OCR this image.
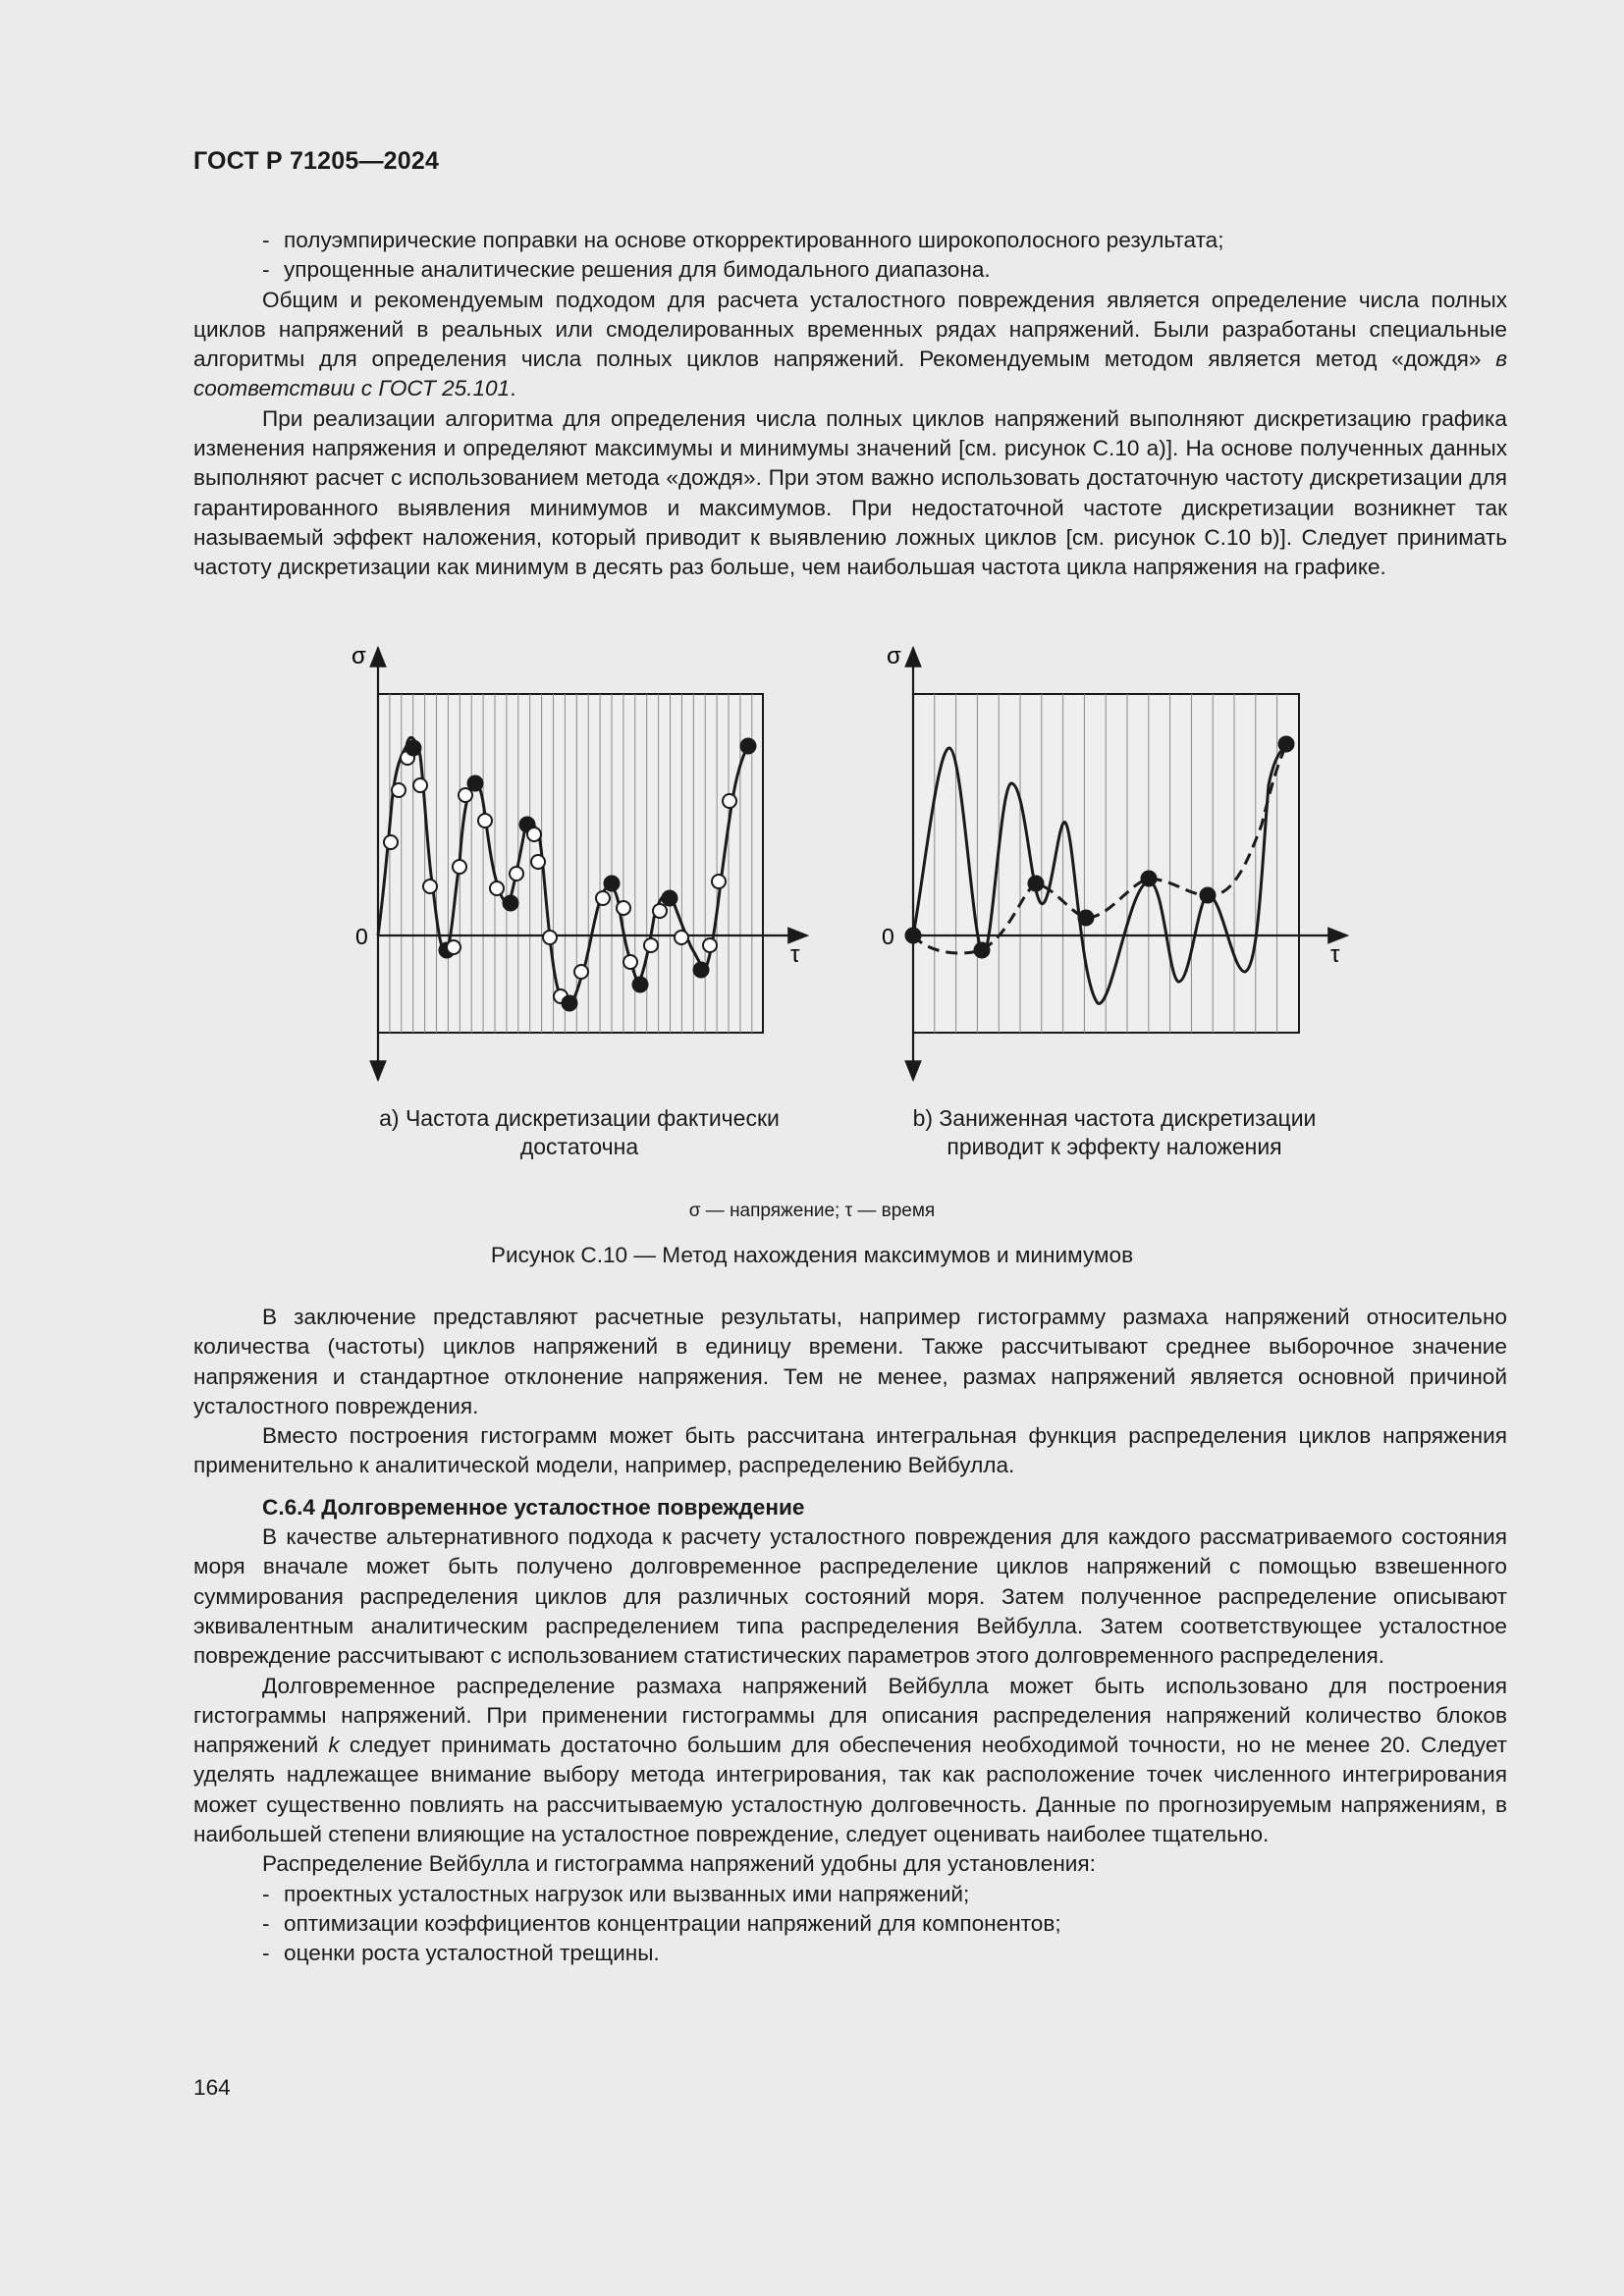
ГОСТ Р 71205—2024

- полуэмпирические поправки на основе откорректированного широкополосного результата;

- упрощенные аналитические решения для бимодального диапазона.

Общим и рекомендуемым подходом для расчета усталостного повреждения является определение числа полных циклов напряжений в реальных или смоделированных временных рядах напряжений. Были разработаны специальные алгоритмы для определения числа полных циклов напряжений. Рекомендуемым методом является метод «дождя» в соответствии с ГОСТ 25.101.

При реализации алгоритма для определения числа полных циклов напряжений выполняют дискретизацию графика изменения напряжения и определяют максимумы и минимумы значений [см. рисунок С.10 a)]. На основе полученных данных выполняют расчет с использованием метода «дождя». При этом важно использовать достаточную частоту дискретизации для гарантированного выявления минимумов и максимумов. При недостаточной частоте дискретизации возникнет так называемый эффект наложения, который приводит к выявлению ложных циклов [см. рисунок С.10 b)]. Следует принимать частоту дискретизации как минимум в десять раз больше, чем наибольшая частота цикла напряжения на графике.

σ
τ
0
σ
τ
0
a) Частота дискретизации фактически достаточна
b) Заниженная частота дискретизации приводит к эффекту наложения
σ — напряжение; τ — время
Рисунок С.10 — Метод нахождения максимумов и минимумов

В заключение представляют расчетные результаты, например гистограмму размаха напряжений относительно количества (частоты) циклов напряжений в единицу времени. Также рассчитывают среднее выборочное значение напряжения и стандартное отклонение напряжения. Тем не менее, размах напряжений является основной причиной усталостного повреждения.

Вместо построения гистограмм может быть рассчитана интегральная функция распределения циклов напряжения применительно к аналитической модели, например, распределению Вейбулла.

С.6.4 Долговременное усталостное повреждение

В качестве альтернативного подхода к расчету усталостного повреждения для каждого рассматриваемого состояния моря вначале может быть получено долговременное распределение циклов напряжений с помощью взвешенного суммирования распределения циклов для различных состояний моря. Затем полученное распределение описывают эквивалентным аналитическим распределением типа распределения Вейбулла. Затем соответствующее усталостное повреждение рассчитывают с использованием статистических параметров этого долговременного распределения.

Долговременное распределение размаха напряжений Вейбулла может быть использовано для построения гистограммы напряжений. При применении гистограммы для описания распределения напряжений количество блоков напряжений k следует принимать достаточно большим для обеспечения необходимой точности, но не менее 20. Следует уделять надлежащее внимание выбору метода интегрирования, так как расположение точек численного интегрирования может существенно повлиять на рассчитываемую усталостную долговечность. Данные по прогнозируемым напряжениям, в наибольшей степени влияющие на усталостное повреждение, следует оценивать наиболее тщательно.

Распределение Вейбулла и гистограмма напряжений удобны для установления:

- проектных усталостных нагрузок или вызванных ими напряжений;

- оптимизации коэффициентов концентрации напряжений для компонентов;

- оценки роста усталостной трещины.

164
